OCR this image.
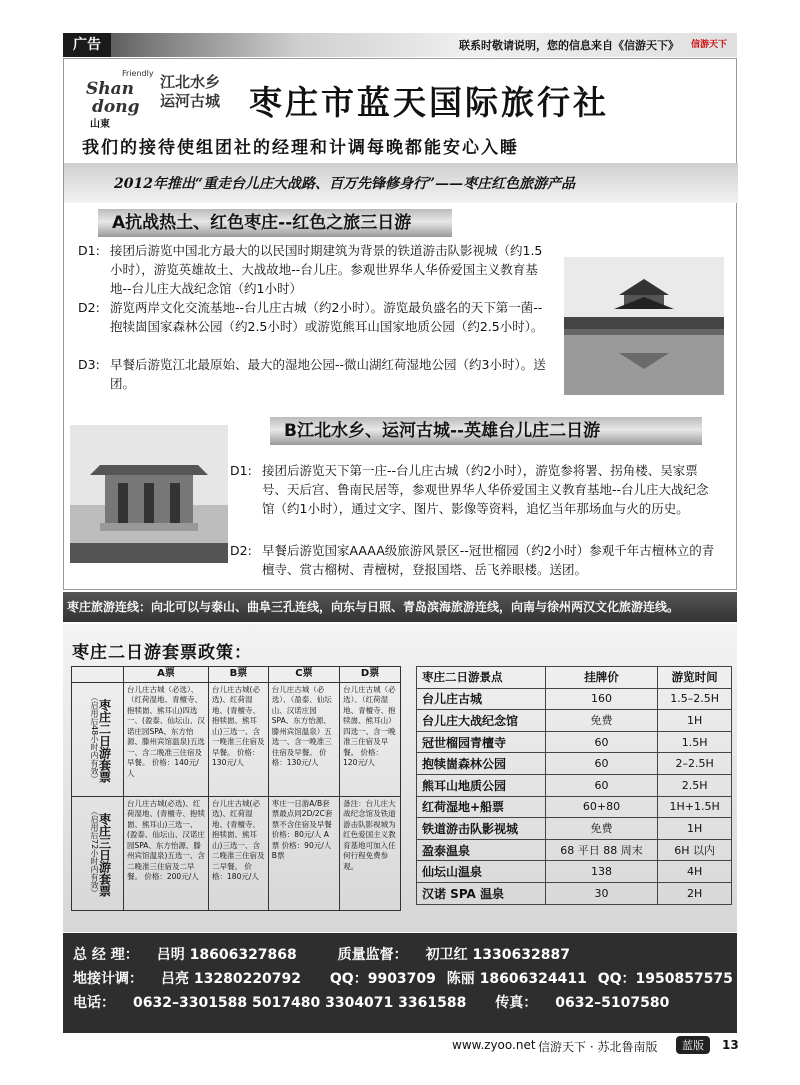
广告	联系时敬请说明，您的信息来自《信游天下》	信游天下
Friendly
Shan
dong
山東
江北水乡
运河古城 枣庄市蓝天国际旅行社
我们的接待使组团社的经理和计调每晚都能安心入睡
2012年推出“重走台儿庄大战路、百万先锋修身行”——枣庄红色旅游产品
A抗战热土、红色枣庄--红色之旅三日游
D1: 接团后游览中国北方最大的以民国时期建筑为背景的铁道游击队影视城（约1.5小时），游览英雄故土、大战故地--台儿庄。参观世界华人华侨爱国主义教育基地--台儿庄大战纪念馆（约1小时）
D2: 游览两岸文化交流基地--台儿庄古城（约2小时）。游览最负盛名的天下第一菌--抱犊崮国家森林公园（约2.5小时）或游览熊耳山国家地质公园（约2.5小时）。
D3: 早餐后游览江北最原始、最大的湿地公园--微山湖红荷湿地公园（约3小时）。送团。
B江北水乡、运河古城--英雄台儿庄二日游
D1: 接团后游览天下第一庄--台儿庄古城（约2小时），游览参将署、拐角楼、吴家票号、天后宫、鲁南民居等，参观世界华人华侨爱国主义教育基地--台儿庄大战纪念馆（约1小时），通过文字、图片、影像等资料，追忆当年那场血与火的历史。
D2: 早餐后游览国家AAAA级旅游风景区--冠世榴园（约2小时）参观千年古檀林立的青檀寺、赏古榴树、青檀树，登报国塔、岳飞养眼楼。送团。
枣庄旅游连线：向北可以与泰山、曲阜三孔连线，向东与日照、青岛滨海旅游连线，向南与徐州两汉文化旅游连线。
枣庄二日游套票政策：
	A票	B票	C票	D票
（启用后48小时内有效）枣庄二日游套票	台儿庄古城（必选）、（红荷湿地、青檀寺、抱犊崮、熊耳山)四选一、(盈泰、仙坛山、汉诺庄园SPA、东方怡源、滕州宾馆温泉)五选一、含二晚准三住宿及早餐。 价格：140元/人	台儿庄古城(必选)、红荷湿地、(青檀寺、抱犊崮、熊耳山)三选一、含一晚准三住宿及早餐。 价格：130元/人	台儿庄古城（必选）、（盈泰、仙坛山、汉诺庄园SPA、东方怡源、滕州宾馆温泉）五选一、含一晚准三住宿及早餐。 价格：130元/人	台儿庄古城（必选）、（红荷湿地、青檀寺、抱犊崮、熊耳山）四选一、含一晚准三住宿及早餐。 价格：120元/人
（启用后72小时内有效）枣庄三日游套票	台儿庄古城(必选)、红荷湿地、(青檀寺、抱犊崮、熊耳山)三选一、(盈泰、仙坛山、汉诺庄园SPA、东方怡源、滕州宾馆温泉)五选一、含二晚准三住宿及二早餐。 价格：200元/人	台儿庄古城(必选)、红荷湿地、(青檀寺、抱犊崮、熊耳山)三选一、含二晚准三住宿及二早餐。 价格：180元/人	枣庄一日游A/B套票最点同2D/2C套票不含住宿及早餐 价格：80元/人 A票 价格：90元/人 B票	备注：台儿庄大战纪念馆及铁道游击队影视城为红色爱国主义教育基地可加入任何行程免费参观。
枣庄二日游景点	挂牌价	游览时间
台儿庄古城	160	1.5–2.5H
台儿庄大战纪念馆	免费	1H
冠世榴园青檀寺	60	1.5H
抱犊崮森林公园	60	2–2.5H
熊耳山地质公园	60	2.5H
红荷湿地+船票	60+80	1H+1.5H
铁道游击队影视城	免费	1H
盈泰温泉	68 平日 88 周末	6H 以内
仙坛山温泉	138	4H
汉诺 SPA 温泉	30	2H
总 经 理： 吕明 18606327868	质量监督： 初卫红 1330632887
地接计调： 吕亮 13280220792 QQ：9903709 陈丽 18606324411 QQ：1950857575
电话： 0632–3301588 5017480 3304071 3361588 传真： 0632–5107580
www.zyoo.net 信游天下 · 苏北鲁南版	蓝版	13
